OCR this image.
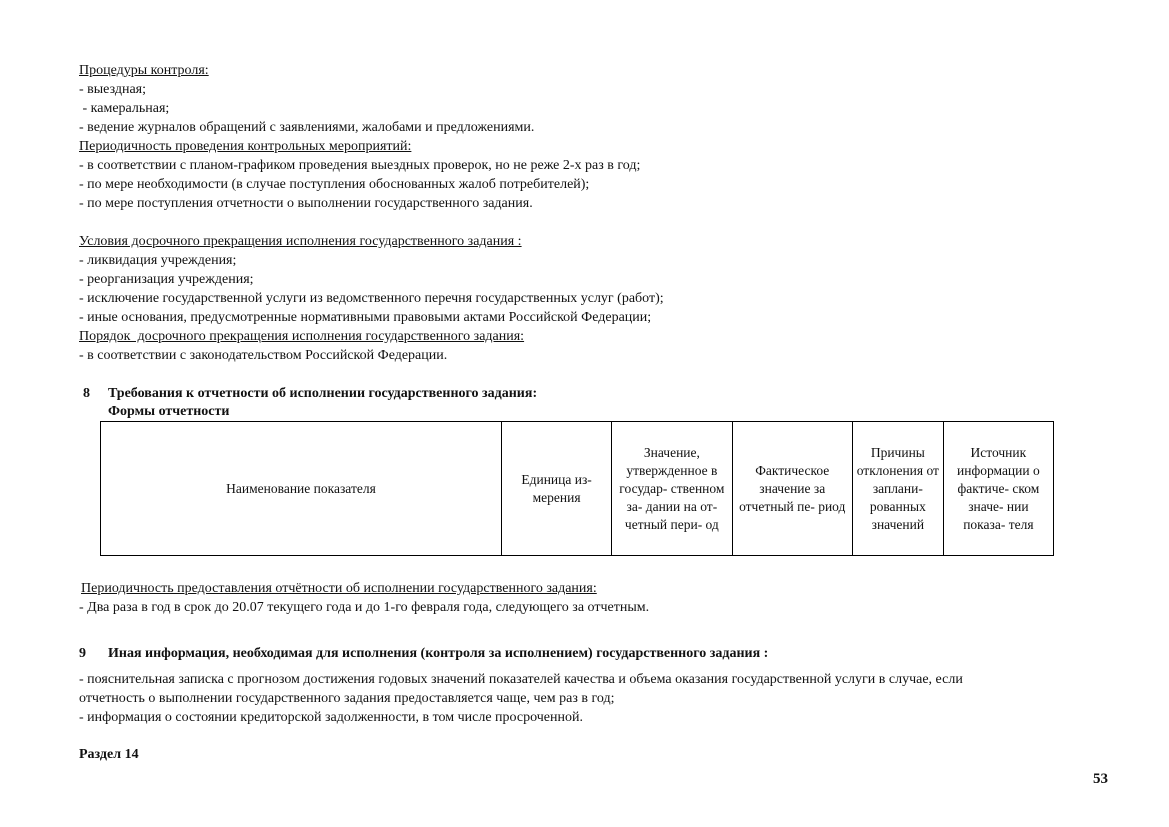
Процедуры контроля:
- выездная;
- камеральная;
- ведение журналов обращений с заявлениями, жалобами и предложениями.
Периодичность проведения контрольных мероприятий:
- в соответствии с планом-графиком проведения выездных проверок, но не реже 2-х раз в год;
- по мере необходимости (в случае поступления обоснованных жалоб потребителей);
- по мере поступления отчетности о выполнении государственного задания.
Условия досрочного прекращения исполнения государственного задания :
- ликвидация учреждения;
- реорганизация учреждения;
- исключение государственной услуги из ведомственного перечня государственных услуг (работ);
- иные основания, предусмотренные нормативными правовыми актами Российской Федерации;
Порядок  досрочного прекращения исполнения государственного задания:
- в соответствии с законодательством Российской Федерации.
8 Требования к отчетности об исполнении государственного задания:
Формы отчетности
Наименование показателя	Единица из- мерения	Значение, утвержденное в государ- ственном за- дании на от- четный пери- од	Фактическое значение за отчетный пе- риод	Причины отклонения от заплани- рованных значений	Источник информации о фактиче- ском значе- нии показа- теля
Периодичность предоставления отчётности об исполнении государственного задания:
- Два раза в год в срок до 20.07 текущего года и до 1-го февраля года, следующего за отчетным.
9 Иная информация, необходимая для исполнения (контроля за исполнением) государственного задания :
- пояснительная записка с прогнозом достижения годовых значений показателей качества и объема оказания государственной услуги в случае, если
отчетность о выполнении государственного задания предоставляется чаще, чем раз в год;
- информация о состоянии кредиторской задолженности, в том числе просроченной.
Раздел 14
53
